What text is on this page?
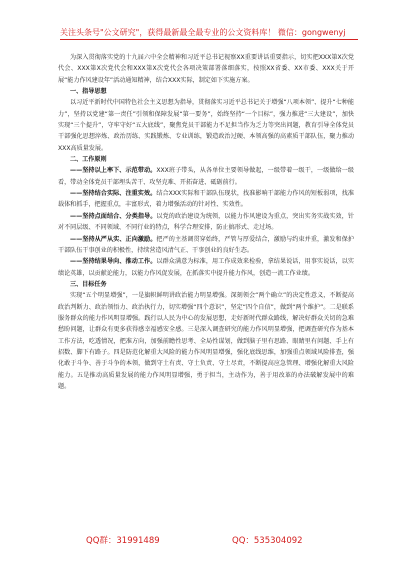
关注头条号"公文研究"，获得最新最全最专业的公文资料库！ 微信：gongwenyj

为深入贯彻落实党的十九届六中全会精神和习近平总书记视察XX重要讲话重要指示，切实把XXX第X次党代会、XXX第X次党代会和XXX第X次党代会各项决策部署落细落实，按照XX省委、XX市委、XXX关于开展“能力作风建设年”活动通知精神，结合XXX实际，制定如下实施方案。

一、指导思想

以习近平新时代中国特色社会主义思想为指导，贯彻落实习近平总书记关于增强“八项本领”、提升“七种能力”，坚持以党建“第一责任”引领和保障发展“第一要务”，始终坚持“一个目标”，强力推进“三大建设”，加快实现“三个提升”，守牢守好“五大底线”，聚焦党员干部能力不足担当作为乏力等突出问题，教育引导全体党员干部强化思想淬炼、政治历练、实践锻炼、专业训练，锻造政治过硬、本领高强的高素质干部队伍，聚力推动XXX高质量发展。

二、工作原则

——坚持以上率下、示范带动。XXX班子带头，从各单位主要领导做起，一级带着一级干，一级做给一级看，带动全体党员干部埋头苦干、攻坚克难、开拓奋进、砥砺前行。

——坚持结合实际、注重实效。结合XXX实际和干部队伍现状，找准影响干部能力作风的短板弱项，找准载体和抓手，把握重点，丰富形式，着力增强活动的针对性、实效性。

——坚持点面结合、分类指导。以党的政治建设为统领，以能力作风建设为重点，突出实务实战实效，针对不同层级、不同领域、不同行业的特点，科学合理安排，防止搞形式、走过场。

——坚持从严从实、正向激励。把严的主基调贯穿始终，严管与厚爱结合，激励与约束并重，激发和保护干部队伍干事创业的积极性，持续营造风清气正、干事创业的良好生态。

——坚持结果导向、推动工作。以群众满意为标准，用工作成效来检验，拿结果说话，用事实说话，以实绩论英雄，以贡献论能力，以能力作风促发展，在抓落实中提升能力作风，创造一流工作业绩。

三、目标任务

实现“五个明显增强”，一是旗帜鲜明讲政治能力明显增强。深刻领会“两个确立”的决定性意义，不断提高政治判断力、政治领悟力、政治执行力，切实增强“四个意识”，坚定“四个自信”，做到“两个维护”。二是联系服务群众的能力作风明显增强。践行以人民为中心的发展思想，走好新时代群众路线，解决好群众关切的急难愁盼问题，让群众有更多获得感幸福感安全感。三是深入调查研究的能力作风明显增强，把调查研究作为基本工作方法，吃透情况，把准方向，加强前瞻性思考、全局性谋划，做到脑子里有思路、眼睛里有问题、手上有招数、脚下有路子。四是防范化解重大风险的能力作风明显增强，强化底线思维，加强重点领域风险排查，强化敢于斗争、善于斗争的本领，做到守土有责、守土负责、守土尽责，不断提高应急管理、增强化解重大风险能力。五是推动高质量发展的能力作风明显增强，勇于担当，主动作为，善于用改革的办法破解发展中的难题。

QQ群：31991489	QQ：535304092
